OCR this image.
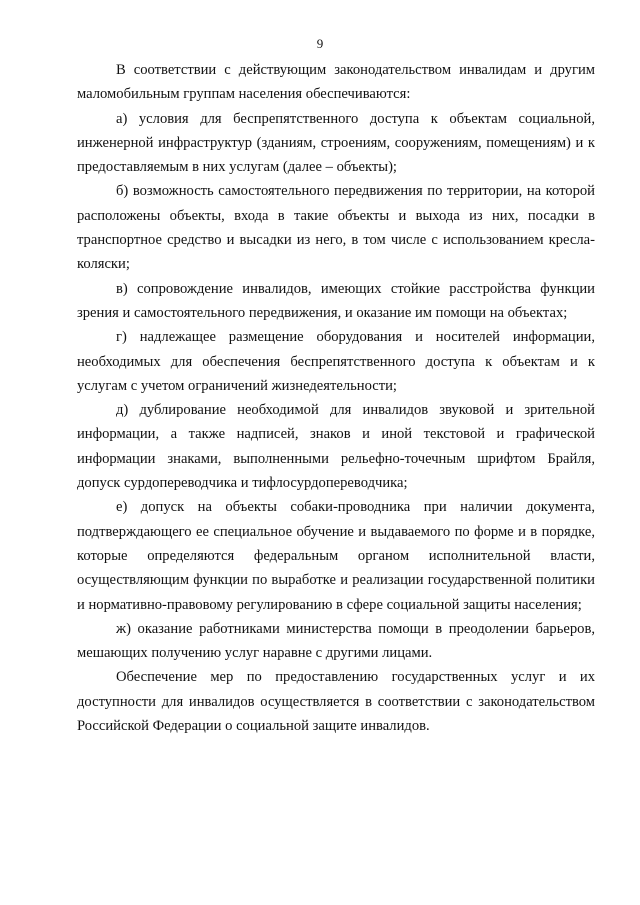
9

В соответствии с действующим законодательством инвалидам и другим маломобильным группам населения обеспечиваются:

а) условия для беспрепятственного доступа к объектам социальной, инженерной инфраструктур (зданиям, строениям, сооружениям, помещениям) и к предоставляемым в них услугам (далее – объекты);

б) возможность самостоятельного передвижения по территории, на которой расположены объекты, входа в такие объекты и выхода из них, посадки в транспортное средство и высадки из него, в том числе с использованием кресла-коляски;

в) сопровождение инвалидов, имеющих стойкие расстройства функции зрения и самостоятельного передвижения, и оказание им помощи на объектах;

г) надлежащее размещение оборудования и носителей информации, необходимых для обеспечения беспрепятственного доступа к объектам и к услугам с учетом ограничений жизнедеятельности;

д) дублирование необходимой для инвалидов звуковой и зрительной информации, а также надписей, знаков и иной текстовой и графической информации знаками, выполненными рельефно-точечным шрифтом Брайля, допуск сурдопереводчика и тифлосурдопереводчика;

е) допуск на объекты собаки-проводника при наличии документа, подтверждающего ее специальное обучение и выдаваемого по форме и в порядке, которые определяются федеральным органом исполнительной власти, осуществляющим функции по выработке и реализации государственной политики и нормативно-правовому регулированию в сфере социальной защиты населения;

ж) оказание работниками министерства помощи в преодолении барьеров, мешающих получению услуг наравне с другими лицами.

Обеспечение мер по предоставлению государственных услуг и их доступности для инвалидов осуществляется в соответствии с законодательством Российской Федерации о социальной защите инвалидов.
